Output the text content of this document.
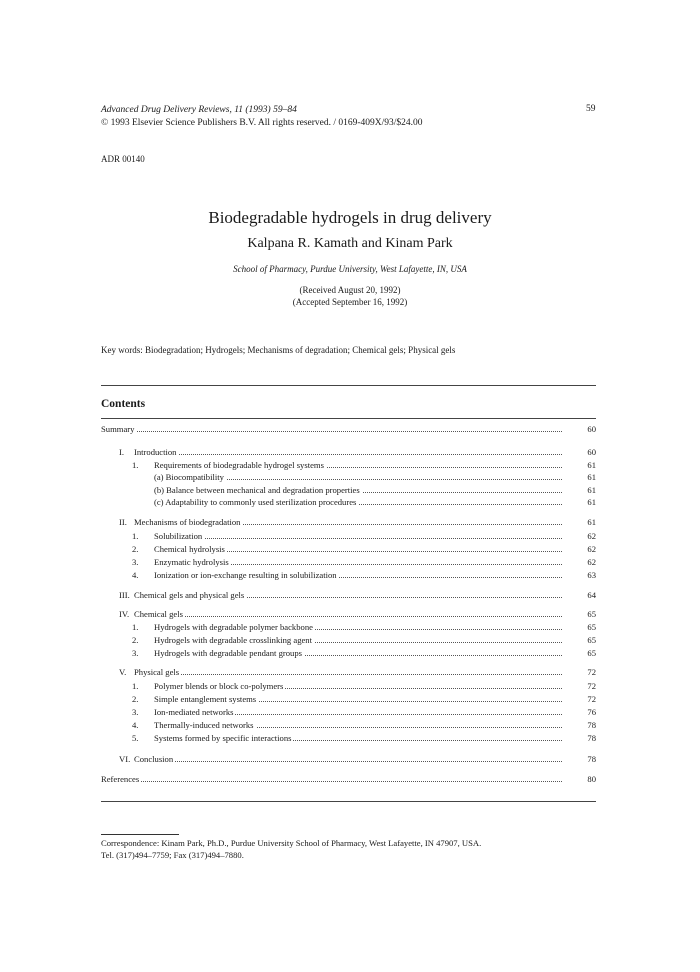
Advanced Drug Delivery Reviews, 11 (1993) 59–84
© 1993 Elsevier Science Publishers B.V. All rights reserved. / 0169-409X/93/$24.00
59
ADR 00140
Biodegradable hydrogels in drug delivery
Kalpana R. Kamath and Kinam Park
School of Pharmacy, Purdue University, West Lafayette, IN, USA
(Received August 20, 1992)
(Accepted September 16, 1992)
Key words: Biodegradation; Hydrogels; Mechanisms of degradation; Chemical gels; Physical gels
Contents
Summary	60
I. Introduction	60
1. Requirements of biodegradable hydrogel systems	61
(a) Biocompatibility	61
(b) Balance between mechanical and degradation properties	61
(c) Adaptability to commonly used sterilization procedures	61
II. Mechanisms of biodegradation	61
1. Solubilization	62
2. Chemical hydrolysis	62
3. Enzymatic hydrolysis	62
4. Ionization or ion-exchange resulting in solubilization	63
III. Chemical gels and physical gels	64
IV. Chemical gels	65
1. Hydrogels with degradable polymer backbone	65
2. Hydrogels with degradable crosslinking agent	65
3. Hydrogels with degradable pendant groups	65
V. Physical gels	72
1. Polymer blends or block co-polymers	72
2. Simple entanglement systems	72
3. Ion-mediated networks	76
4. Thermally-induced networks	78
5. Systems formed by specific interactions	78
VI. Conclusion	78
References	80
Correspondence: Kinam Park, Ph.D., Purdue University School of Pharmacy, West Lafayette, IN 47907, USA.
Tel. (317)494–7759; Fax (317)494–7880.
